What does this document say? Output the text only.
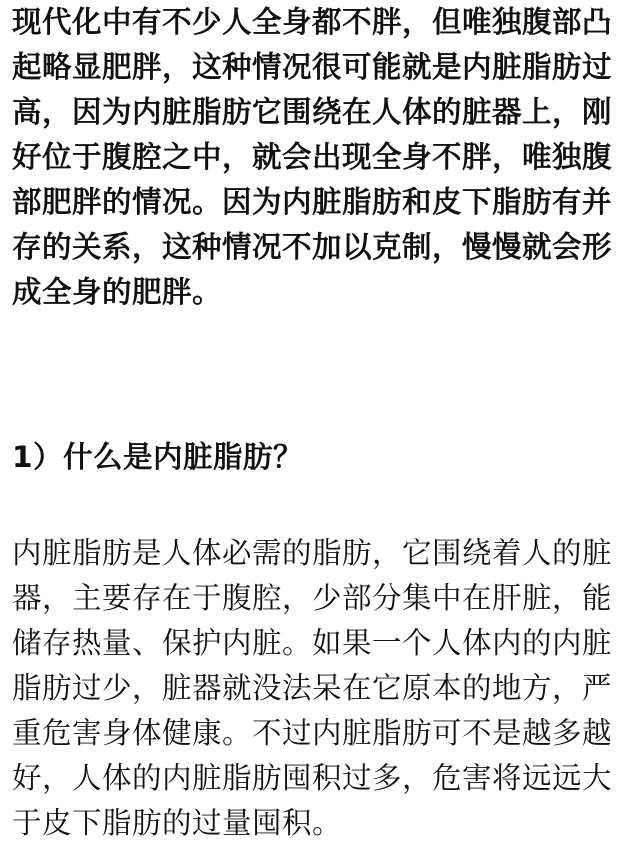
现代化中有不少人全身都不胖，但唯独腹部凸起略显肥胖，这种情况很可能就是内脏脂肪过高，因为内脏脂肪它围绕在人体的脏器上，刚好位于腹腔之中，就会出现全身不胖，唯独腹部肥胖的情况。因为内脏脂肪和皮下脂肪有并存的关系，这种情况不加以克制，慢慢就会形成全身的肥胖。

1）什么是内脏脂肪？

内脏脂肪是人体必需的脂肪，它围绕着人的脏器，主要存在于腹腔，少部分集中在肝脏，能储存热量、保护内脏。如果一个人体内的内脏脂肪过少，脏器就没法呆在它原本的地方，严重危害身体健康。不过内脏脂肪可不是越多越好，人体的内脏脂肪囤积过多，危害将远远大于皮下脂肪的过量囤积。
